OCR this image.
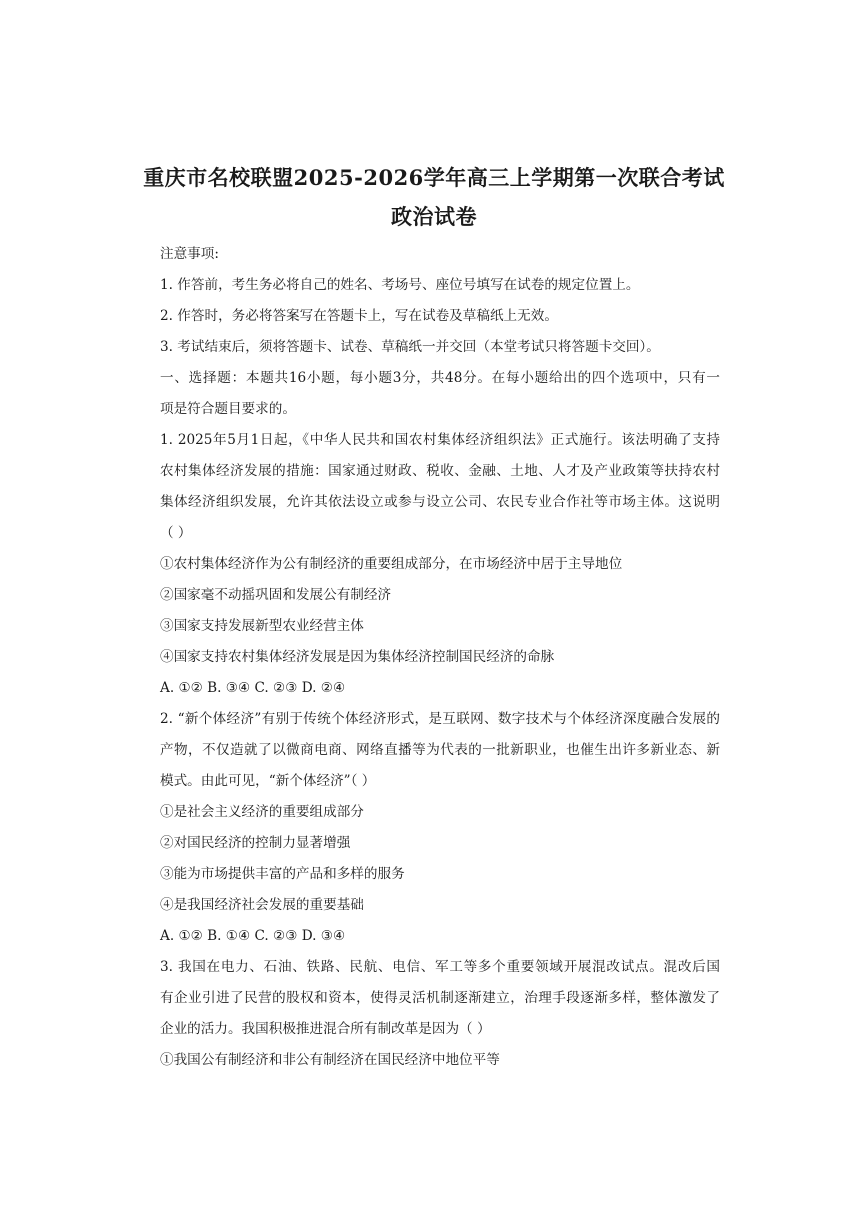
重庆市名校联盟2025-2026学年高三上学期第一次联合考试
政治试卷
注意事项:
1. 作答前，考生务必将自己的姓名、考场号、座位号填写在试卷的规定位置上。
2. 作答时，务必将答案写在答题卡上，写在试卷及草稿纸上无效。
3. 考试结束后，须将答题卡、试卷、草稿纸一并交回（本堂考试只将答题卡交回）。
一、选择题：本题共16小题，每小题3分，共48分。在每小题给出的四个选项中，只有一
项是符合题目要求的。
1. 2025年5月1日起，《中华人民共和国农村集体经济组织法》正式施行。该法明确了支持
农村集体经济发展的措施：国家通过财政、税收、金融、土地、人才及产业政策等扶持农村
集体经济组织发展，允许其依法设立或参与设立公司、农民专业合作社等市场主体。这说明
（ ）
①农村集体经济作为公有制经济的重要组成部分，在市场经济中居于主导地位
②国家毫不动摇巩固和发展公有制经济
③国家支持发展新型农业经营主体
④国家支持农村集体经济发展是因为集体经济控制国民经济的命脉
A. ①② B. ③④ C. ②③ D. ②④
2. “新个体经济”有别于传统个体经济形式，是互联网、数字技术与个体经济深度融合发展的
产物，不仅造就了以微商电商、网络直播等为代表的一批新职业，也催生出许多新业态、新
模式。由此可见，“新个体经济”（ ）
①是社会主义经济的重要组成部分
②对国民经济的控制力显著增强
③能为市场提供丰富的产品和多样的服务
④是我国经济社会发展的重要基础
A. ①② B. ①④ C. ②③ D. ③④
3. 我国在电力、石油、铁路、民航、电信、军工等多个重要领域开展混改试点。混改后国
有企业引进了民营的股权和资本，使得灵活机制逐渐建立，治理手段逐渐多样，整体激发了
企业的活力。我国积极推进混合所有制改革是因为（ ）
①我国公有制经济和非公有制经济在国民经济中地位平等
